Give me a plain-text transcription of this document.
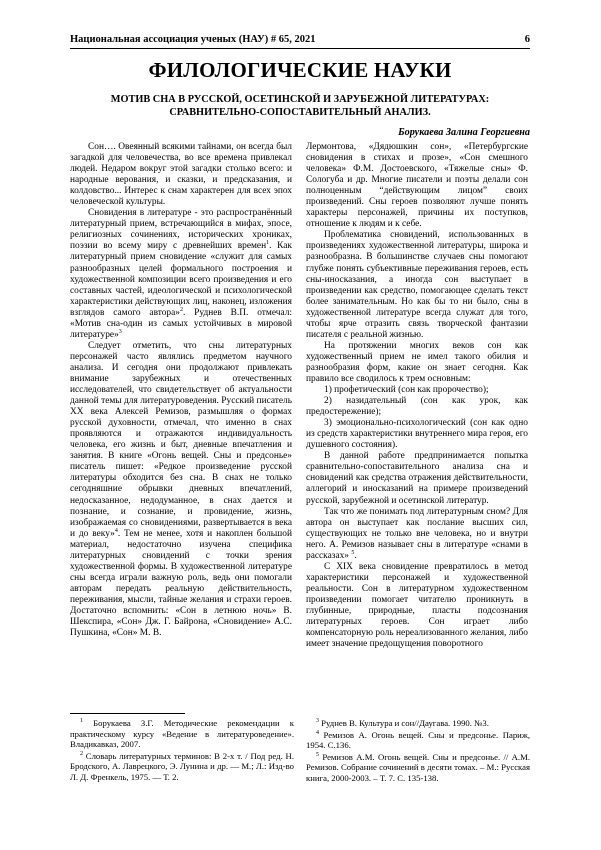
Национальная ассоциация ученых (НАУ) # 65, 2021	6
ФИЛОЛОГИЧЕСКИЕ НАУКИ
МОТИВ СНА В РУССКОЙ, ОСЕТИНСКОЙ И ЗАРУБЕЖНОЙ ЛИТЕРАТУРАХ:
СРАВНИТЕЛЬНО-СОПОСТАВИТЕЛЬНЫЙ АНАЛИЗ.
Борукаева Залина Георгиевна

Сон…. Овеянный всякими тайнами, он всегда был загадкой для человечества, во все времена привлекал людей. Недаром вокруг этой загадки столько всего: и народные верования, и сказки, и предсказания, и колдовство... Интерес к снам характерен для всех эпох человеческой культуры.

Сновидения в литературе - это распространённый литературный прием, встречающийся в мифах, эпосе, религиозных сочинениях, исторических хрониках, поэзии во всему миру с древнейших времен$^1$. Как литературный прием сновидение «служит для самых разнообразных целей формального построения и художественной композиции всего произведения и его составных частей, идеологической и психологической характеристики действующих лиц, наконец, изложения взглядов самого автора»$^2$. Руднев В.П. отмечал: «Мотив сна-один из самых устойчивых в мировой литературе»$^3$

Следует отметить, что сны литературных персонажей часто являлись предметом научного анализа. И сегодня они продолжают привлекать внимание зарубежных и отечественных исследователей, что свидетельствует об актуальности данной темы для литературоведения. Русский писатель XX века Алексей Ремизов, размышляя о формах русской духовности, отмечал, что именно в снах проявляются и отражаются индивидуальность человека, его жизнь и быт, дневные впечатления и занятия. В книге «Огонь вещей. Сны и предсонье» писатель пишет: «Редкое произведение русской литературы обходится без сна. В снах не только сегодняшние обрывки дневных впечатлений, недосказанное, недодуманное, в снах дается и познание, и сознание, и провидение, жизнь, изображаемая со сновидениями, развертывается в века и до веку»$^4$. Тем не менее, хотя и накоплен большой материал, недостаточно изучена специфика литературных сновидений с точки зрения художественной формы. В художественной литературе сны всегда играли важную роль, ведь они помогали авторам передать реальную действительность, переживания, мысли, тайные желания и страхи героев. Достаточно вспомнить: «Сон в летнюю ночь» В. Шекспира, «Сон» Дж. Г. Байрона, «Сновидение» А.С. Пушкина, «Сон» М. В.

Лермонтова, «Дядюшкин сон», «Петербургские сновидения в стихах и прозе», «Сон смешного человека» Ф.М. Достоевского, «Тяжелые сны» Ф. Сологуба и др. Многие писатели и поэты делали сон полноценным “действующим лицом” своих произведений. Сны героев позволяют лучше понять характеры персонажей, причины их поступков, отношение к людям и к себе.

Проблематика сновидений, использованных в произведениях художественной литературы, широка и разнообразна. В большинстве случаев сны помогают глубже понять субъективные переживания героев, есть сны-иносказания, а иногда сон выступает в произведении как средство, помогающее сделать текст более занимательным. Но как бы то ни было, сны в художественной литературе всегда служат для того, чтобы ярче отразить связь творческой фантазии писателя с реальной жизнью.

На протяжении многих веков сон как художественный прием не имел такого обилия и разнообразия форм, какие он знает сегодня. Как правило все сводилось к трем основным:

1) профетический (сон как пророчество);

2) назидательный (сон как урок, как предостережение);

3) эмоционально-психологический (сон как одно из средств характеристики внутреннего мира героя, его душевного состояния).

В данной работе предпринимается попытка сравнительно-сопоставительного анализа сна и сновидений как средства отражения действительности, аллегорий и иносказаний на примере произведений русской, зарубежной и осетинской литератур.

Так что же понимать под литературным сном? Для автора он выступает как послание высших сил, существующих не только вне человека, но и внутри него. А. Ремизов называет сны в литературе «снами в рассказах» $^5$.

С XIX века сновидение превратилось в метод характеристики персонажей и художественной реальности. Сон в литературном художественном произведении помогает читателю проникнуть в глубинные, природные, пласты подсознания литературных героев. Сон играет либо компенсаторную роль нереализованного желания, либо имеет значение предощущения поворотного

$^1$ Борукаева З.Г. Методические рекомендации к практическому курсу «Ведение в литературоведение». Владикавказ, 2007.

$^2$ Словарь литературных терминов: В 2-х т. / Под ред. Н. Бродского, А. Лаврецкого, Э. Лунина и др. — М.; Л.: Изд-во Л. Д. Френкель, 1975. — Т. 2.

$^3$ Руднев В. Культура и сон//Даугава. 1990. №3.

$^4$ Ремизов А. Огонь вещей. Сны и предсонье. Париж, 1954. С.136.

$^5$ Ремизов А.М. Огонь вещей. Сны и предсонье. // А.М. Ремизов. Собрание сочинений в десяти томах. – М.: Русская книга, 2000-2003. – Т. 7. С. 135-138.
